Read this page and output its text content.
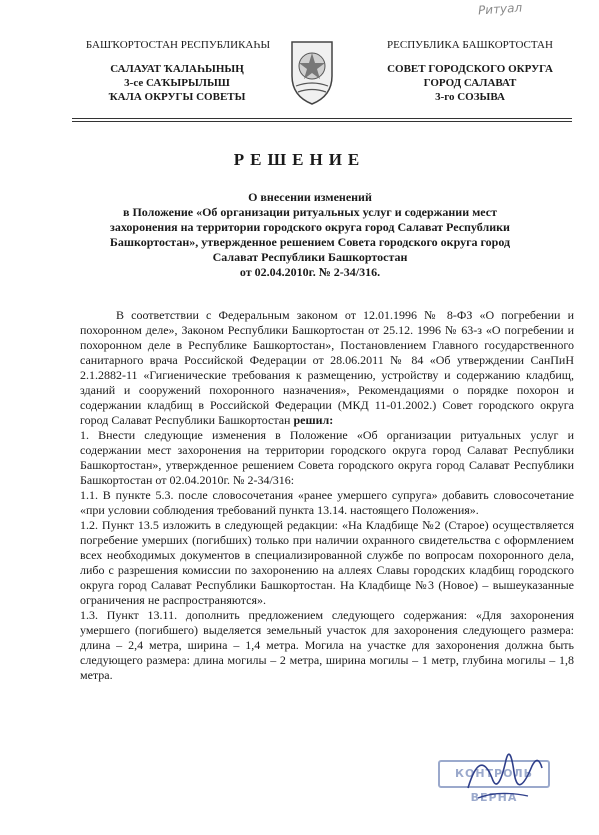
Ритуал
БАШҠОРТОСТАН РЕСПУБЛИКАҺЫ	РЕСПУБЛИКА БАШКОРТОСТАН
САЛАУАТ ҠАЛАҺЫНЫҢ
3-се САҠЫРЫЛЫШ
ҠАЛА ОКРУГЫ СОВЕТЫ
СОВЕТ ГОРОДСКОГО ОКРУГА
ГОРОД САЛАВАТ
3-го СОЗЫВА
РЕШЕНИЕ
О внесении изменений
в Положение «Об организации ритуальных услуг и содержании мест
захоронения на территории городского округа город Салават Республики
Башкортостан», утвержденное решением Совета городского округа город
Салават Республики Башкортостан
от 02.04.2010г. № 2-34/316.

В соответствии с Федеральным законом от 12.01.1996 № 8-ФЗ «О погребении и похоронном деле», Законом Республики Башкортостан от 25.12. 1996 № 63-з «О погребении и похоронном деле в Республике Башкортостан», Постановлением Главного государственного санитарного врача Российской Федерации от 28.06.2011 № 84 «Об утверждении СанПиН 2.1.2882-11 «Гигиенические требования к размещению, устройству и содержанию кладбищ, зданий и сооружений похоронного назначения», Рекомендациями о порядке похорон и содержании кладбищ в Российской Федерации (МКД 11-01.2002.) Совет городского округа город Салават Республики Башкортостан решил:

1. Внести следующие изменения в Положение «Об организации ритуальных услуг и содержании мест захоронения на территории городского округа город Салават Республики Башкортостан», утвержденное решением Совета городского округа город Салават Республики Башкортостан от 02.04.2010г. № 2-34/316:

1.1. В пункте 5.3. после словосочетания «ранее умершего супруга» добавить словосочетание «при условии соблюдения требований пункта 13.14. настоящего Положения».

1.2. Пункт 13.5 изложить в следующей редакции: «На Кладбище №2 (Старое) осуществляется погребение умерших (погибших) только при наличии охранного свидетельства с оформлением всех необходимых документов в специализированной службе по вопросам похоронного дела, либо с разрешения комиссии по захоронению на аллеях Славы городских кладбищ городского округа город Салават Республики Башкортостан. На Кладбище №3 (Новое) – вышеуказанные ограничения не распространяются».

1.3. Пункт 13.11. дополнить предложением следующего содержания: «Для захоронения умершего (погибшего) выделяется земельный участок для захоронения следующего размера: длина – 2,4 метра, ширина – 1,4 метра. Могила на участке для захоронения должна быть следующего размера: длина могилы – 2 метра, ширина могилы – 1 метр, глубина могилы – 1,8 метра.

КОНТРОЛЬ ВЕРНА
